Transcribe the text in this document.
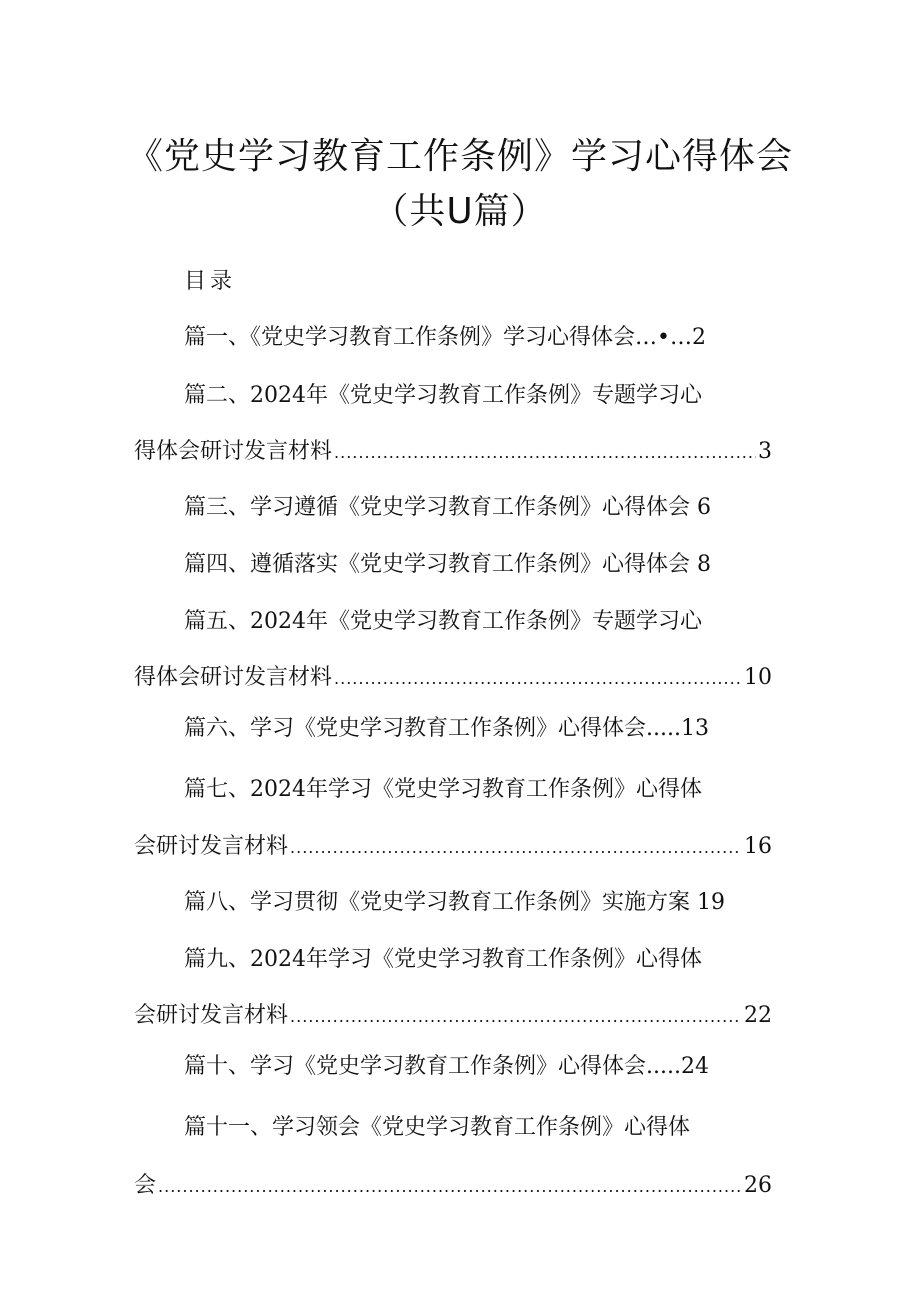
《党史学习教育工作条例》学习心得体会
（共U篇）
目录
篇一、《党史学习教育工作条例》学习心得体会…•…2
篇二、2024年《党史学习教育工作条例》专题学习心
得体会研讨发言材料 .....	3
篇三、学习遵循《党史学习教育工作条例》心得体会 6
篇四、遵循落实《党史学习教育工作条例》心得体会 8
篇五、2024年《党史学习教育工作条例》专题学习心
得体会研讨发言材料 .....	10
篇六、学习《党史学习教育工作条例》心得体会.....13
篇七、2024年学习《党史学习教育工作条例》心得体
会研讨发言材料 .....	16
篇八、学习贯彻《党史学习教育工作条例》实施方案 19
篇九、2024年学习《党史学习教育工作条例》心得体
会研讨发言材料 .....	22
篇十、学习《党史学习教育工作条例》心得体会.....24
篇十一、学习领会《党史学习教育工作条例》心得体
会 .....	26
